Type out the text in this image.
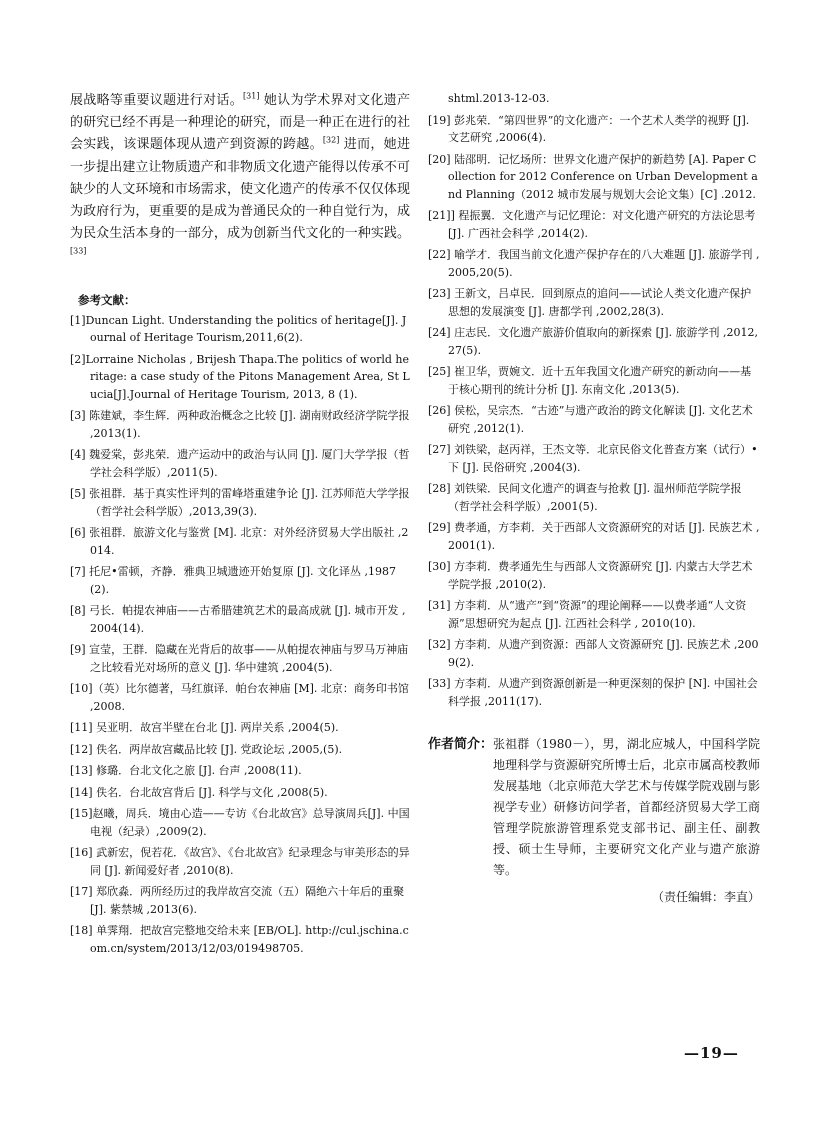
展战略等重要议题进行对话。[31] 她认为学术界对文化遗产的研究已经不再是一种理论的研究，而是一种正在进行的社会实践，该课题体现从遗产到资源的跨越。[32] 进而，她进一步提出建立让物质遗产和非物质文化遗产能得以传承不可缺少的人文环境和市场需求，使文化遗产的传承不仅仅体现为政府行为，更重要的是成为普通民众的一种自觉行为，成为民众生活本身的一部分，成为创新当代文化的一种实践。[33]

参考文献：
[1]Duncan Light. Understanding the politics of heritage[J]. Journal of Heritage Tourism,2011,6(2).
[2]Lorraine Nicholas , Brijesh Thapa.The politics of world heritage: a case study of the Pitons Management Area, St Lucia[J].Journal of Heritage Tourism, 2013, 8 (1).
[3] 陈建斌，李生辉．两种政治概念之比较 [J]. 湖南财政经济学院学报 ,2013(1).
[4] 魏爱棠，彭兆荣．遗产运动中的政治与认同 [J]. 厦门大学学报（哲学社会科学版）,2011(5).
[5] 张祖群．基于真实性评判的雷峰塔重建争论 [J]. 江苏师范大学学报（哲学社会科学版）,2013,39(3).
[6] 张祖群．旅游文化与鉴赏 [M]. 北京：对外经济贸易大学出版社 ,2014.
[7] 托尼•雷顿，齐静．雅典卫城遗迹开始复原 [J]. 文化译丛 ,1987(2).
[8] 弓长．帕提农神庙——古希腊建筑艺术的最高成就 [J]. 城市开发 ,2004(14).
[9] 宣莹，王群．隐藏在光背后的故事——从帕提农神庙与罗马万神庙之比较看光对场所的意义 [J]. 华中建筑 ,2004(5).
[10]（英）比尔德著，马红旗译．帕台农神庙 [M]. 北京：商务印书馆 ,2008.
[11] 吴亚明．故宫半壁在台北 [J]. 两岸关系 ,2004(5).
[12] 佚名．两岸故宫藏品比较 [J]. 党政论坛 ,2005,(5).
[13] 修璐．台北文化之旅 [J]. 台声 ,2008(11).
[14] 佚名．台北故宫背后 [J]. 科学与文化 ,2008(5).
[15]赵曦，周兵．境由心造——专访《台北故宫》总导演周兵[J]. 中国电视（纪录）,2009(2).
[16] 武新宏，倪若花．《故宫》、《台北故宫》纪录理念与审美形态的异同 [J]. 新闻爱好者 ,2010(8).
[17] 郑欣淼．两所经历过的我岸故宫交流（五）隔绝六十年后的重聚 [J]. 紫禁城 ,2013(6).
[18] 单霁翔．把故宫完整地交给未来 [EB/OL]. http://cul.jschina.com.cn/system/2013/12/03/019498705.
shtml.2013-12-03.
[19] 彭兆荣．“第四世界”的文化遗产：一个艺术人类学的视野 [J]. 文艺研究 ,2006(4).
[20] 陆邵明．记忆场所：世界文化遗产保护的新趋势 [A]. Paper Collection for 2012 Conference on Urban Development and Planning（2012 城市发展与规划大会论文集）[C] .2012.
[21]] 程振翼．文化遗产与记忆理论：对文化遗产研究的方法论思考 [J]. 广西社会科学 ,2014(2).
[22] 喻学才．我国当前文化遗产保护存在的八大难题 [J]. 旅游学刊 ,2005,20(5).
[23] 王新文，吕卓民．回到原点的追问——试论人类文化遗产保护思想的发展演变 [J]. 唐都学刊 ,2002,28(3).
[24] 庄志民．文化遗产旅游价值取向的新探索 [J]. 旅游学刊 ,2012,27(5).
[25] 崔卫华，贾婉文．近十五年我国文化遗产研究的新动向——基于核心期刊的统计分析 [J]. 东南文化 ,2013(5).
[26] 侯松，吴宗杰．“古迹”与遗产政治的跨文化解读 [J]. 文化艺术研究 ,2012(1).
[27] 刘铁梁，赵丙祥，王杰文等．北京民俗文化普查方案（试行）• 下 [J]. 民俗研究 ,2004(3).
[28] 刘铁梁．民间文化遗产的调查与抢救 [J]. 温州师范学院学报（哲学社会科学版）,2001(5).
[29] 费孝通，方李莉．关于西部人文资源研究的对话 [J]. 民族艺术 ,2001(1).
[30] 方李莉．费孝通先生与西部人文资源研究 [J]. 内蒙古大学艺术学院学报 ,2010(2).
[31] 方李莉．从“遗产”到“资源”的理论阐释——以费孝通“人文资源”思想研究为起点 [J]. 江西社会科学 , 2010(10).
[32] 方李莉．从遗产到资源：西部人文资源研究 [J]. 民族艺术 ,2009(2).
[33] 方李莉．从遗产到资源创新是一种更深刻的保护 [N]. 中国社会科学报 ,2011(17).
作者简介： 张祖群（1980－），男，湖北应城人，中国科学院地理科学与资源研究所博士后，北京市属高校教师发展基地（北京师范大学艺术与传媒学院戏剧与影视学专业）研修访问学者，首都经济贸易大学工商管理学院旅游管理系党支部书记、副主任、副教授、硕士生导师，主要研究文化产业与遗产旅游等。
（责任编辑：李直）
—19—
